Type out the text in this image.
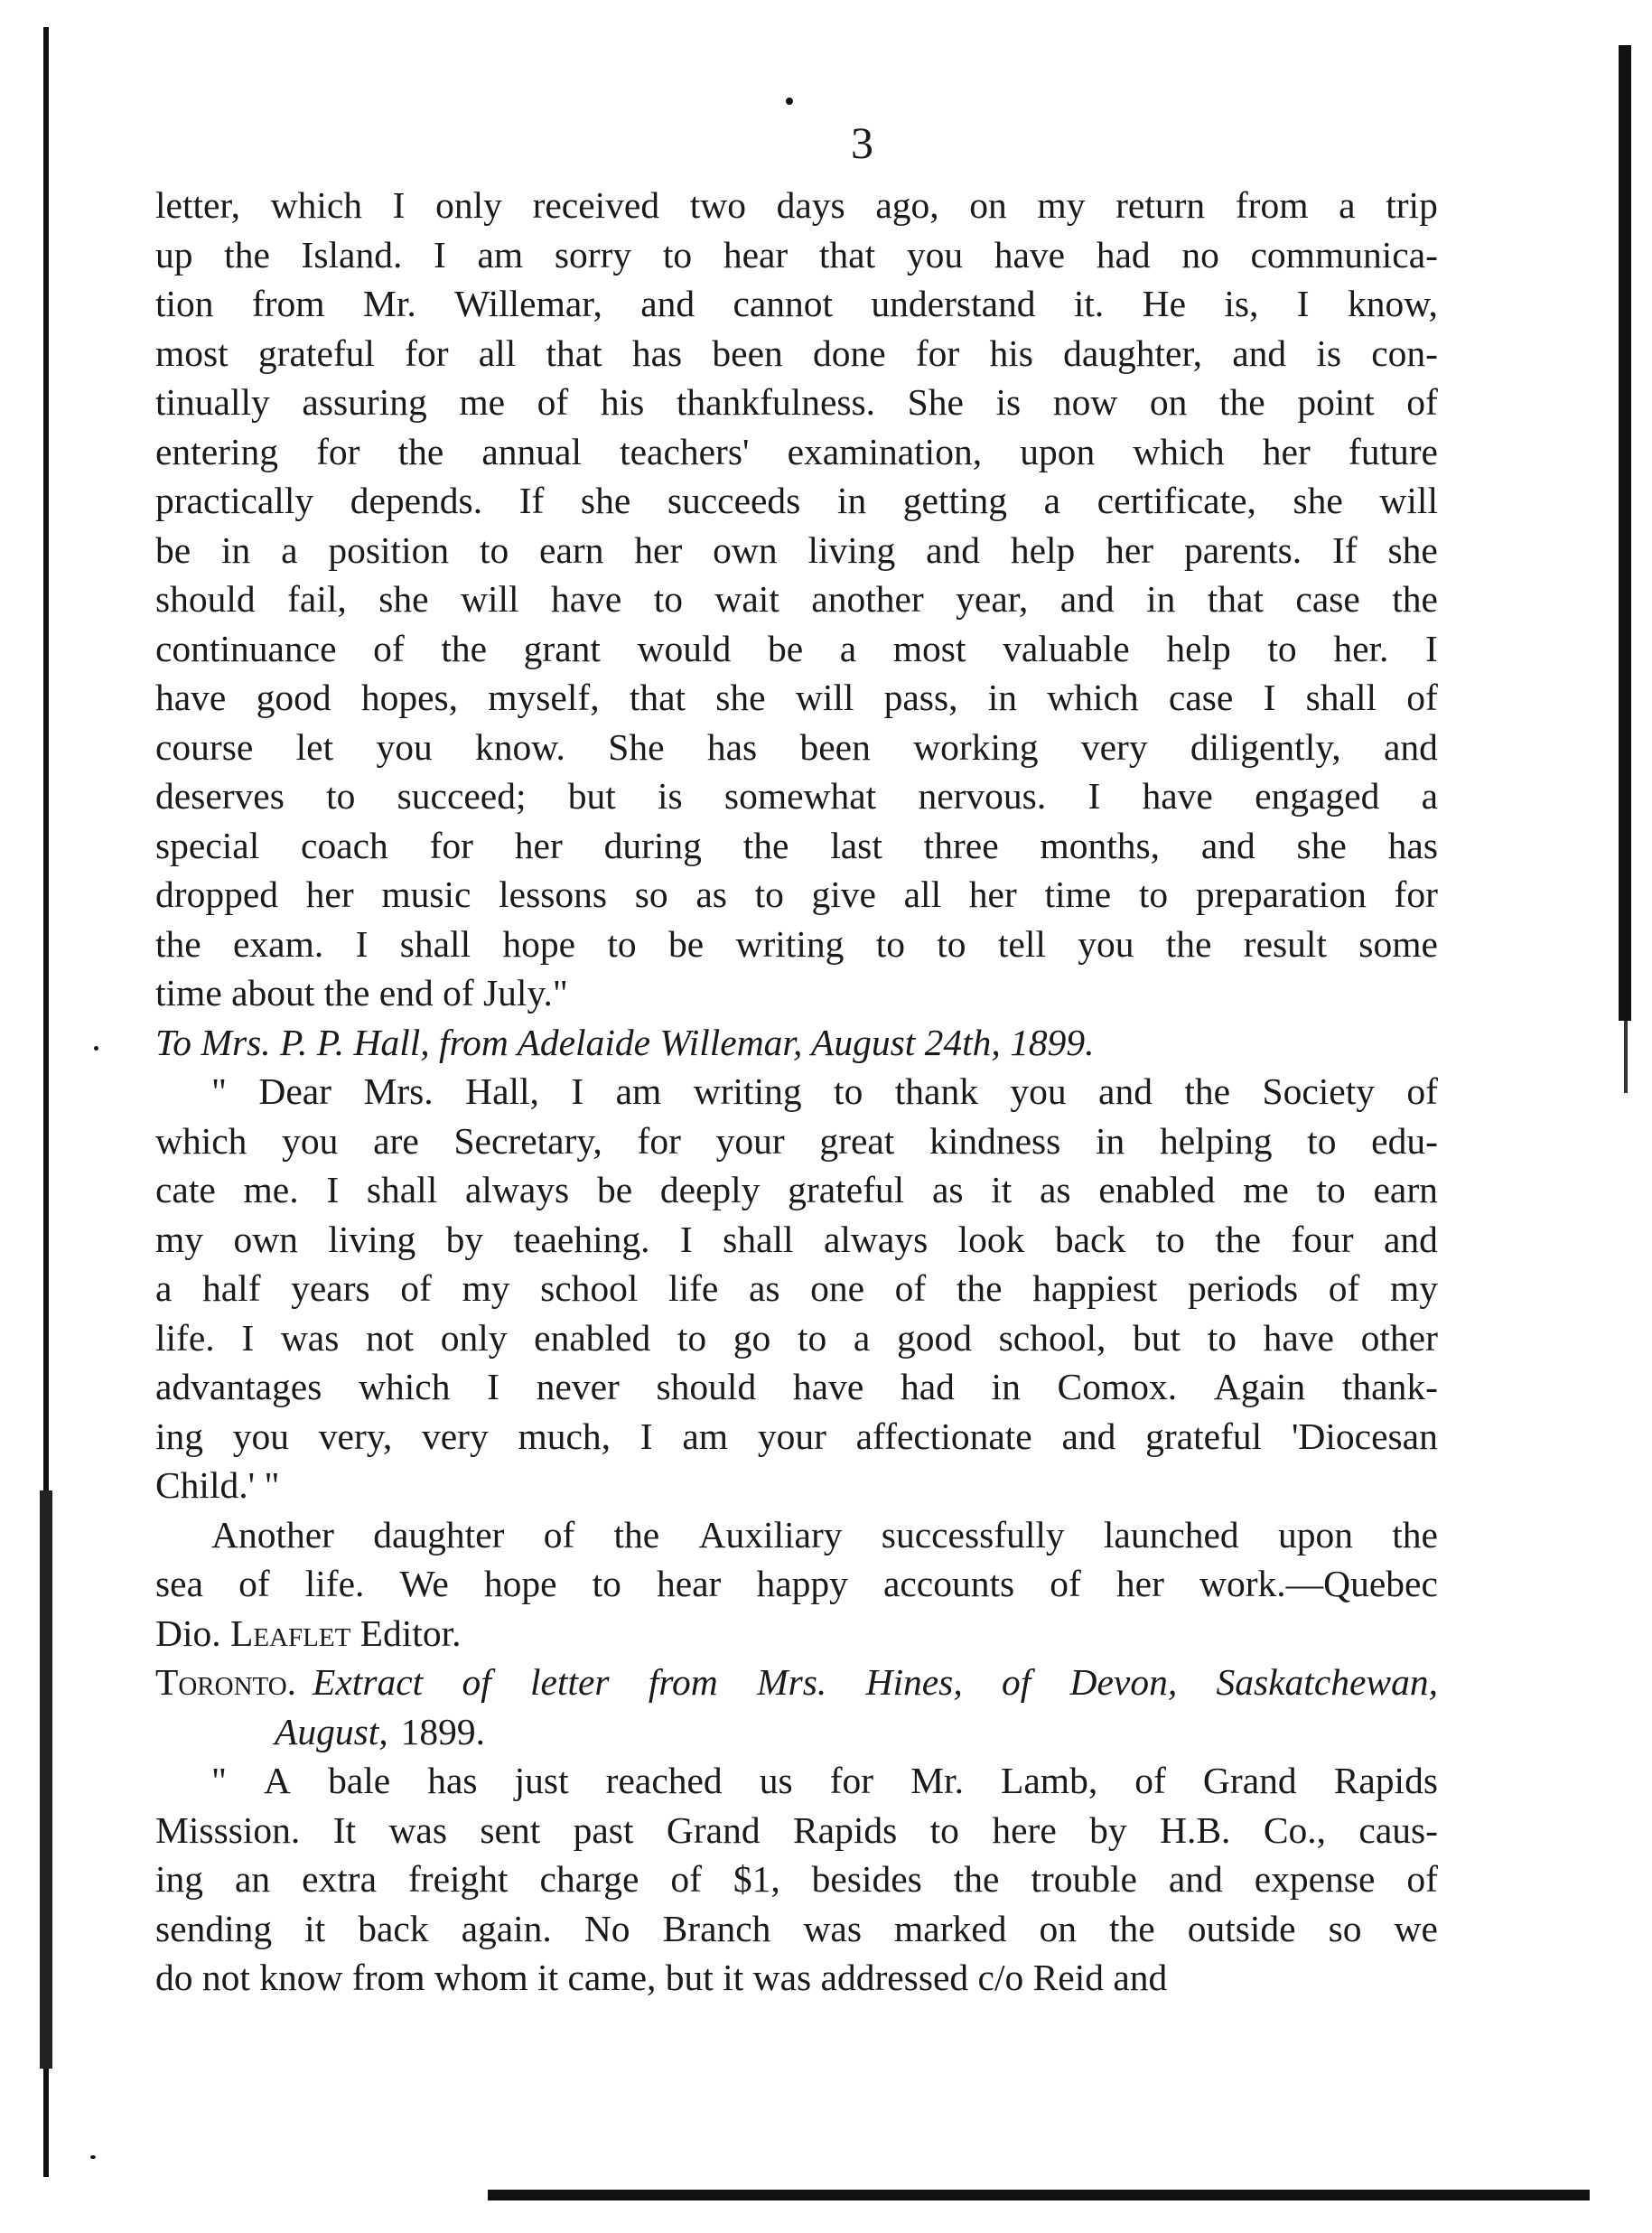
3
letter, which I only received two days ago, on my return from a trip
up the Island. I am sorry to hear that you have had no communica-
tion from Mr. Willemar, and cannot understand it. He is, I know,
most grateful for all that has been done for his daughter, and is con-
tinually assuring me of his thankfulness. She is now on the point of
entering for the annual teachers' examination, upon which her future
practically depends. If she succeeds in getting a certificate, she will
be in a position to earn her own living and help her parents. If she
should fail, she will have to wait another year, and in that case the
continuance of the grant would be a most valuable help to her. I
have good hopes, myself, that she will pass, in which case I shall of
course let you know. She has been working very diligently, and
deserves to succeed; but is somewhat nervous. I have engaged a
special coach for her during the last three months, and she has
dropped her music lessons so as to give all her time to preparation for
the exam. I shall hope to be writing to to tell you the result some
time about the end of July."
To Mrs. P. P. Hall, from Adelaide Willemar, August 24th, 1899.
" Dear Mrs. Hall, I am writing to thank you and the Society of
which you are Secretary, for your great kindness in helping to edu-
cate me. I shall always be deeply grateful as it as enabled me to earn
my own living by teaehing. I shall always look back to the four and
a half years of my school life as one of the happiest periods of my
life. I was not only enabled to go to a good school, but to have other
advantages which I never should have had in Comox. Again thank-
ing you very, very much, I am your affectionate and grateful 'Diocesan
Child.' "
Another daughter of the Auxiliary successfully launched upon the
sea of life. We hope to hear happy accounts of her work.—Quebec
Dio. Leaflet Editor.
Toronto. Extract of letter from Mrs. Hines, of Devon, Saskatchewan,
August, 1899.
" A bale has just reached us for Mr. Lamb, of Grand Rapids
Misssion. It was sent past Grand Rapids to here by H.B. Co., caus-
ing an extra freight charge of $1, besides the trouble and expense of
sending it back again. No Branch was marked on the outside so we
do not know from whom it came, but it was addressed c/o Reid and
